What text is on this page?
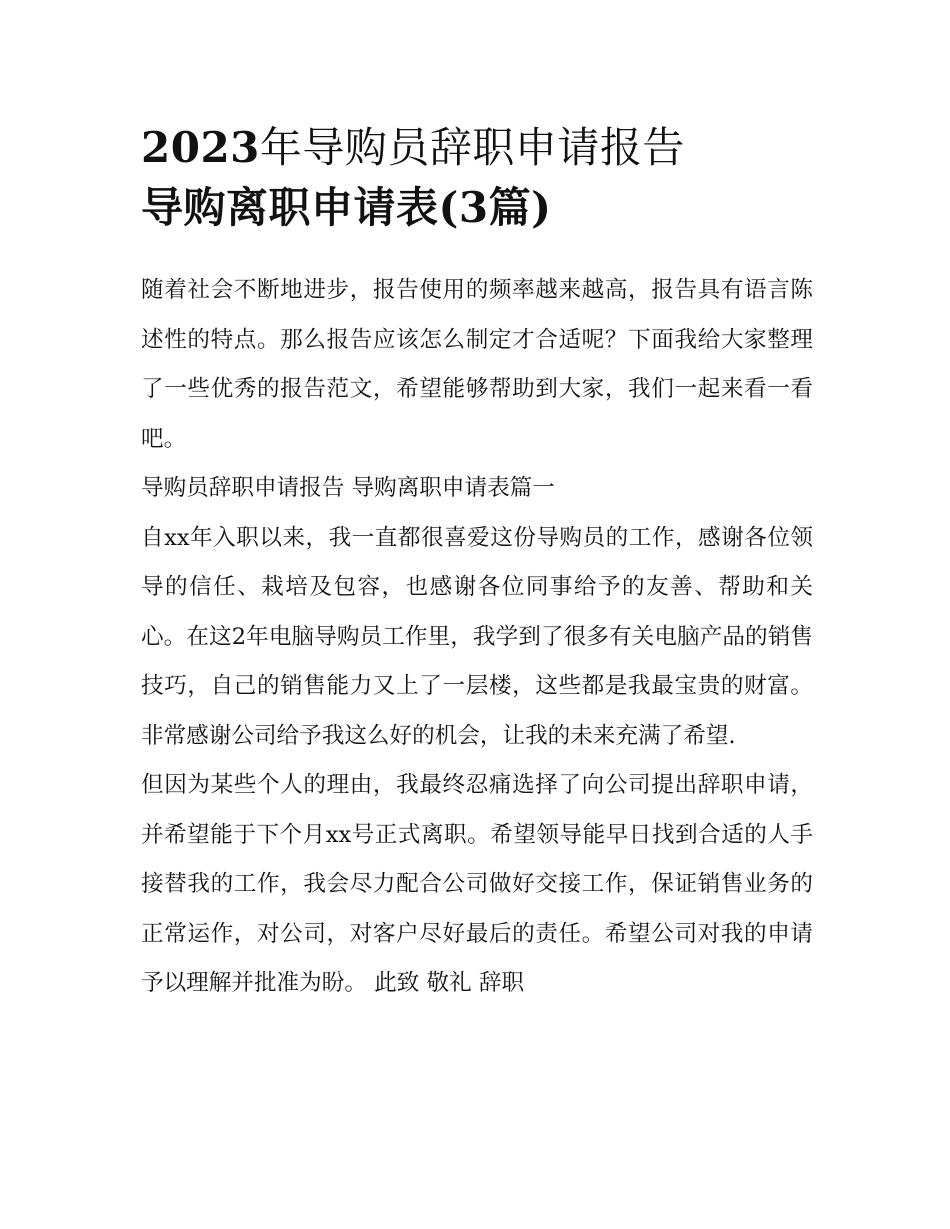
2023年导购员辞职申请报告
导购离职申请表(3篇)

随着社会不断地进步，报告使用的频率越来越高，报告具有语言陈述性的特点。那么报告应该怎么制定才合适呢？下面我给大家整理了一些优秀的报告范文，希望能够帮助到大家，我们一起来看一看吧。

导购员辞职申请报告 导购离职申请表篇一

自xx年入职以来，我一直都很喜爱这份导购员的工作，感谢各位领导的信任、栽培及包容，也感谢各位同事给予的友善、帮助和关心。在这2年电脑导购员工作里，我学到了很多有关电脑产品的销售技巧，自己的销售能力又上了一层楼，这些都是我最宝贵的财富。非常感谢公司给予我这么好的机会，让我的未来充满了希望.

但因为某些个人的理由，我最终忍痛选择了向公司提出辞职申请，并希望能于下个月xx号正式离职。希望领导能早日找到合适的人手接替我的工作，我会尽力配合公司做好交接工作，保证销售业务的正常运作，对公司，对客户尽好最后的责任。希望公司对我的申请予以理解并批准为盼。 此致 敬礼 辞职
